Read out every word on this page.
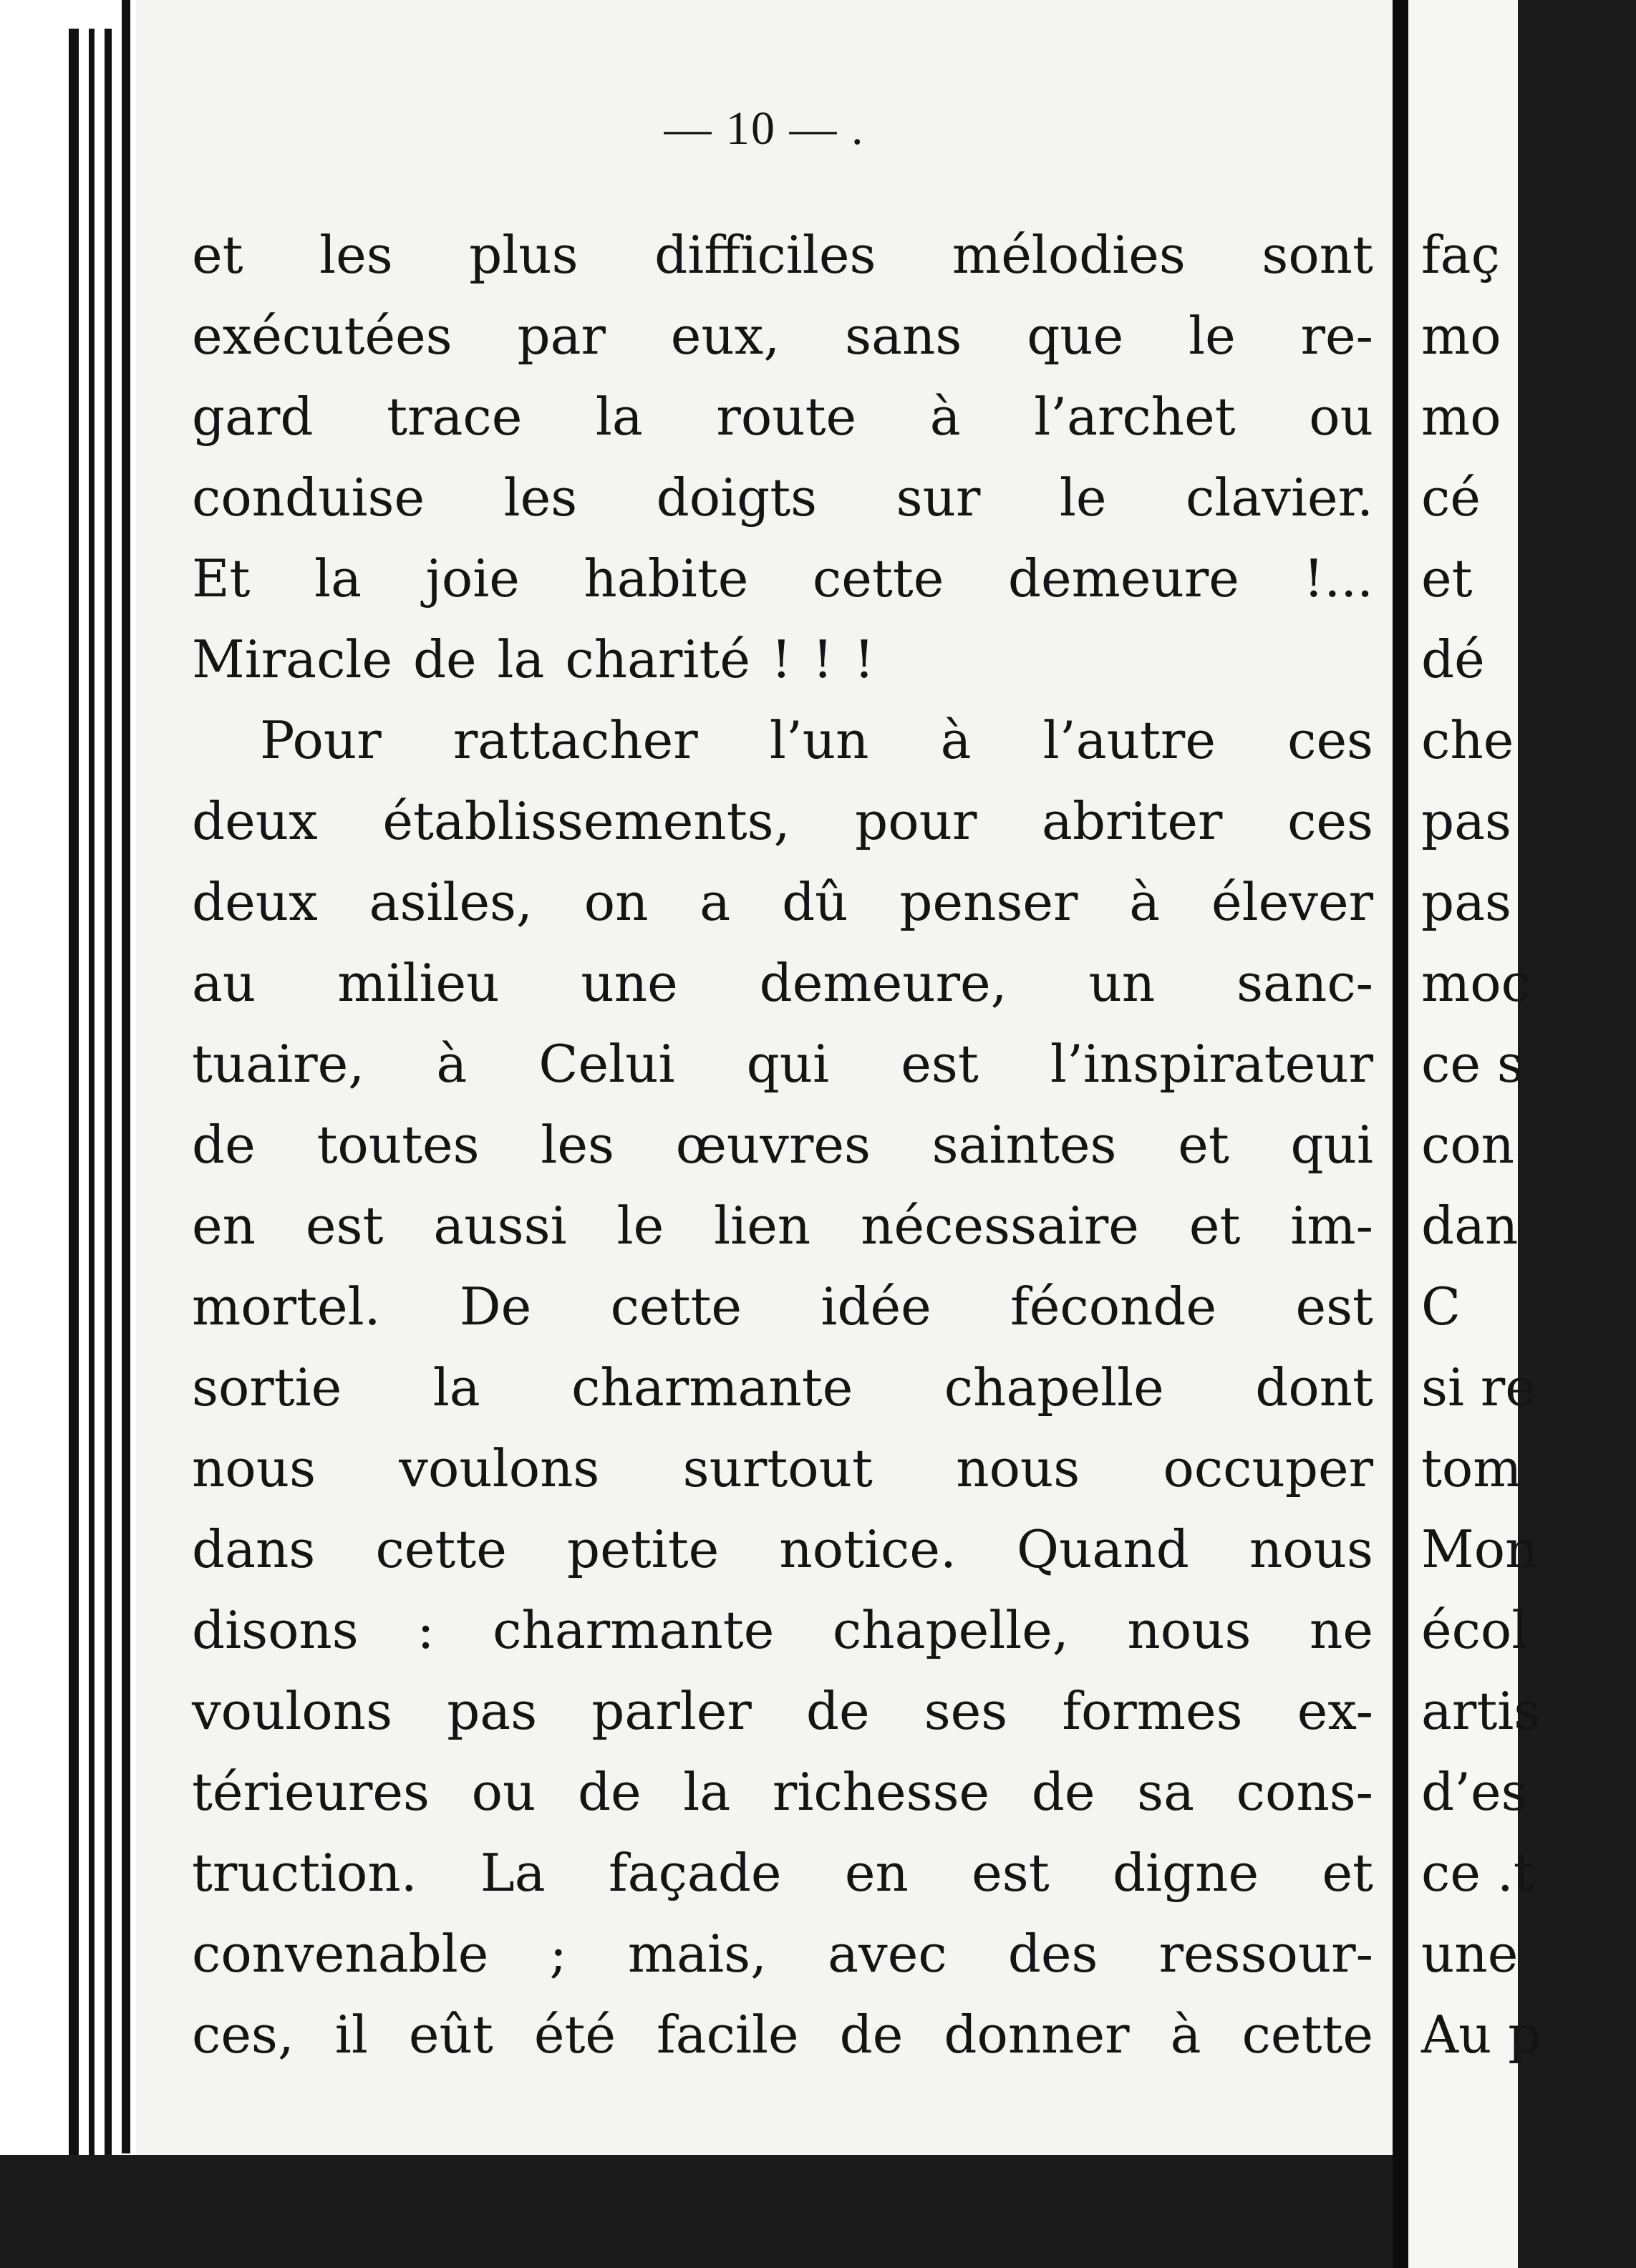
— 10 — .
et les plus difficiles mélodies sont
exécutées par eux, sans que le re-
gard trace la route à l’archet ou
conduise les doigts sur le clavier.
Et la joie habite cette demeure !...
Miracle de la charité ! ! !
Pour rattacher l’un à l’autre ces
deux établissements, pour abriter ces
deux asiles, on a dû penser à élever
au milieu une demeure, un sanc-
tuaire, à Celui qui est l’inspirateur
de toutes les œuvres saintes et qui
en est aussi le lien nécessaire et im-
mortel. De cette idée féconde est
sortie la charmante chapelle dont
nous voulons surtout nous occuper
dans cette petite notice. Quand nous
disons : charmante chapelle, nous ne
voulons pas parler de ses formes ex-
térieures ou de la richesse de sa cons-
truction. La façade en est digne et
convenable ; mais, avec des ressour-
ces, il eût été facile de donner à cette
faç
mo
mo
cé
et
dé
che
pas
pas
moc
ce s
con
dan
C
si re
tom
Mon
écol
artis
d’es
ce .t
une
Au p
